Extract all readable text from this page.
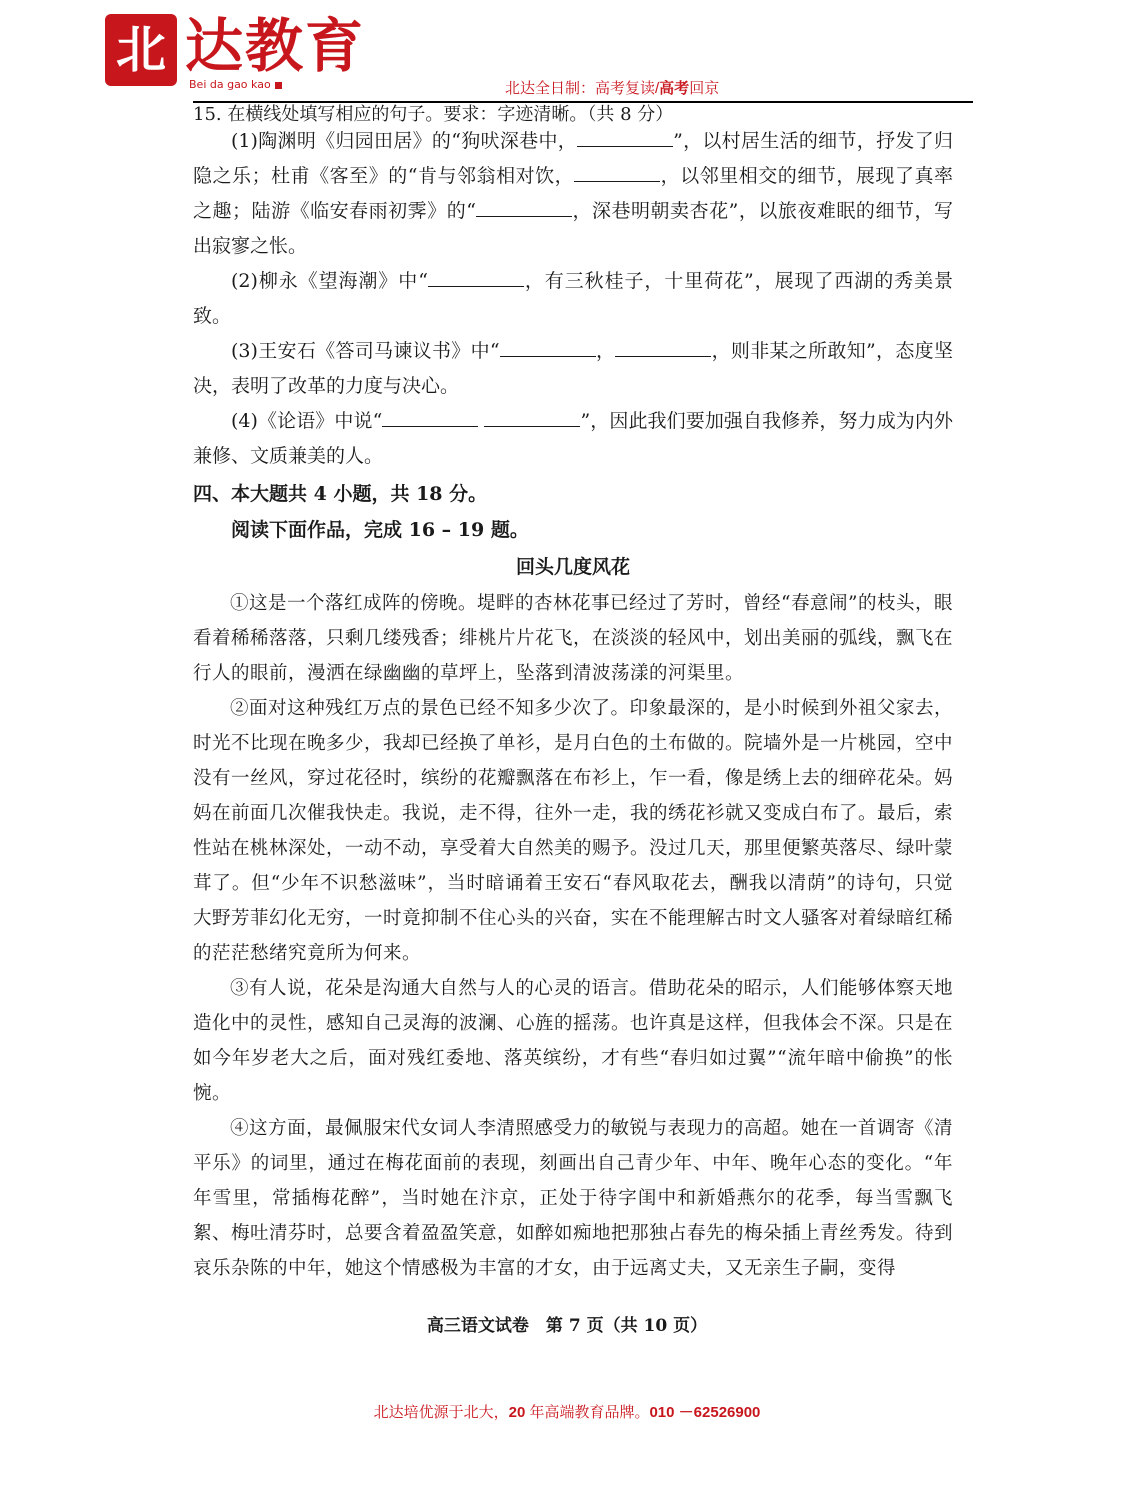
北 达教育
Bei da gao kao	北达全日制：高考复读/高考回京

15. 在横线处填写相应的句子。要求：字迹清晰。（共 8 分）

(1)陶渊明《归园田居》的“狗吠深巷中，	”，以村居生活的细节，抒发了归隐之乐；杜甫《客至》的“肯与邻翁相对饮，	，以邻里相交的细节，展现了真率之趣；陆游《临安春雨初霁》的“	，深巷明朝卖杏花”，以旅夜难眠的细节，写出寂寥之怅。

(2)柳永《望海潮》中“	，有三秋桂子，十里荷花”，展现了西湖的秀美景致。

(3)王安石《答司马谏议书》中“	，	，则非某之所敢知”，态度坚决，表明了改革的力度与决心。

(4)《论语》中说“	”，因此我们要加强自我修养，努力成为内外兼修、文质兼美的人。

四、本大题共 4 小题，共 18 分。

阅读下面作品，完成 16 – 19 题。

回头几度风花

①这是一个落红成阵的傍晚。堤畔的杏林花事已经过了芳时，曾经“春意闹”的枝头，眼看着稀稀落落，只剩几缕残香；绯桃片片花飞，在淡淡的轻风中，划出美丽的弧线，飘飞在行人的眼前，漫洒在绿幽幽的草坪上，坠落到清波荡漾的河渠里。

②面对这种残红万点的景色已经不知多少次了。印象最深的，是小时候到外祖父家去，时光不比现在晚多少，我却已经换了单衫，是月白色的土布做的。院墙外是一片桃园，空中没有一丝风，穿过花径时，缤纷的花瓣飘落在布衫上，乍一看，像是绣上去的细碎花朵。妈妈在前面几次催我快走。我说，走不得，往外一走，我的绣花衫就又变成白布了。最后，索性站在桃林深处，一动不动，享受着大自然美的赐予。没过几天，那里便繁英落尽、绿叶蒙茸了。但“少年不识愁滋味”，当时暗诵着王安石“春风取花去，酬我以清荫”的诗句，只觉大野芳菲幻化无穷，一时竟抑制不住心头的兴奋，实在不能理解古时文人骚客对着绿暗红稀的茫茫愁绪究竟所为何来。

③有人说，花朵是沟通大自然与人的心灵的语言。借助花朵的昭示，人们能够体察天地造化中的灵性，感知自己灵海的波澜、心旌的摇荡。也许真是这样，但我体会不深。只是在如今年岁老大之后，面对残红委地、落英缤纷，才有些“春归如过翼”“流年暗中偷换”的怅惋。

④这方面，最佩服宋代女词人李清照感受力的敏锐与表现力的高超。她在一首调寄《清平乐》的词里，通过在梅花面前的表现，刻画出自己青少年、中年、晚年心态的变化。“年年雪里，常插梅花醉”，当时她在汴京，正处于待字闺中和新婚燕尔的花季，每当雪飘飞絮、梅吐清芬时，总要含着盈盈笑意，如醉如痴地把那独占春先的梅朵插上青丝秀发。待到哀乐杂陈的中年，她这个情感极为丰富的才女，由于远离丈夫，又无亲生子嗣，变得

高三语文试卷　第 7 页（共 10 页）
北达培优源于北大，20 年高端教育品牌。010 －62526900
